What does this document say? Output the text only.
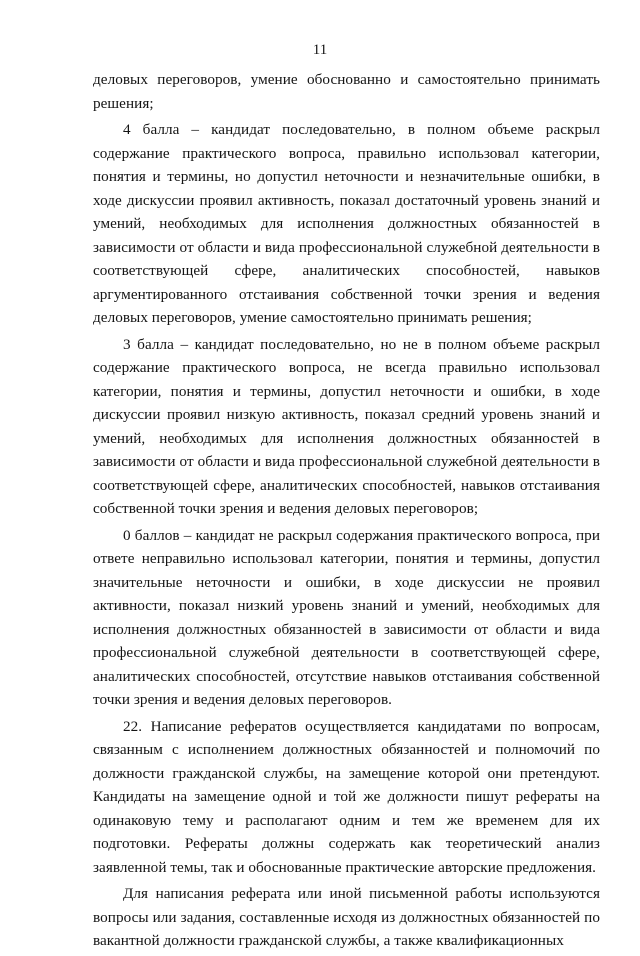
11

деловых переговоров, умение обоснованно и самостоятельно принимать решения;

4 балла – кандидат последовательно, в полном объеме раскрыл содержание практического вопроса, правильно использовал категории, понятия и термины, но допустил неточности и незначительные ошибки, в ходе дискуссии проявил активность, показал достаточный уровень знаний и умений, необходимых для исполнения должностных обязанностей в зависимости от области и вида профессиональной служебной деятельности в соответствующей сфере, аналитических способностей, навыков аргументированного отстаивания собственной точки зрения и ведения деловых переговоров, умение самостоятельно принимать решения;

3 балла – кандидат последовательно, но не в полном объеме раскрыл содержание практического вопроса, не всегда правильно использовал категории, понятия и термины, допустил неточности и ошибки, в ходе дискуссии проявил низкую активность, показал средний уровень знаний и умений, необходимых для исполнения должностных обязанностей в зависимости от области и вида профессиональной служебной деятельности в соответствующей сфере, аналитических способностей, навыков отстаивания собственной точки зрения и ведения деловых переговоров;

0 баллов – кандидат не раскрыл содержания практического вопроса, при ответе неправильно использовал категории, понятия и термины, допустил значительные неточности и ошибки, в ходе дискуссии не проявил активности, показал низкий уровень знаний и умений, необходимых для исполнения должностных обязанностей в зависимости от области и вида профессиональной служебной деятельности в соответствующей сфере, аналитических способностей, отсутствие навыков отстаивания собственной точки зрения и ведения деловых переговоров.

22. Написание рефератов осуществляется кандидатами по вопросам, связанным с исполнением должностных обязанностей и полномочий по должности гражданской службы, на замещение которой они претендуют. Кандидаты на замещение одной и той же должности пишут рефераты на одинаковую тему и располагают одним и тем же временем для их подготовки. Рефераты должны содержать как теоретический анализ заявленной темы, так и обоснованные практические авторские предложения.

Для написания реферата или иной письменной работы используются вопросы или задания, составленные исходя из должностных обязанностей по вакантной должности гражданской службы, а также квалификационных
